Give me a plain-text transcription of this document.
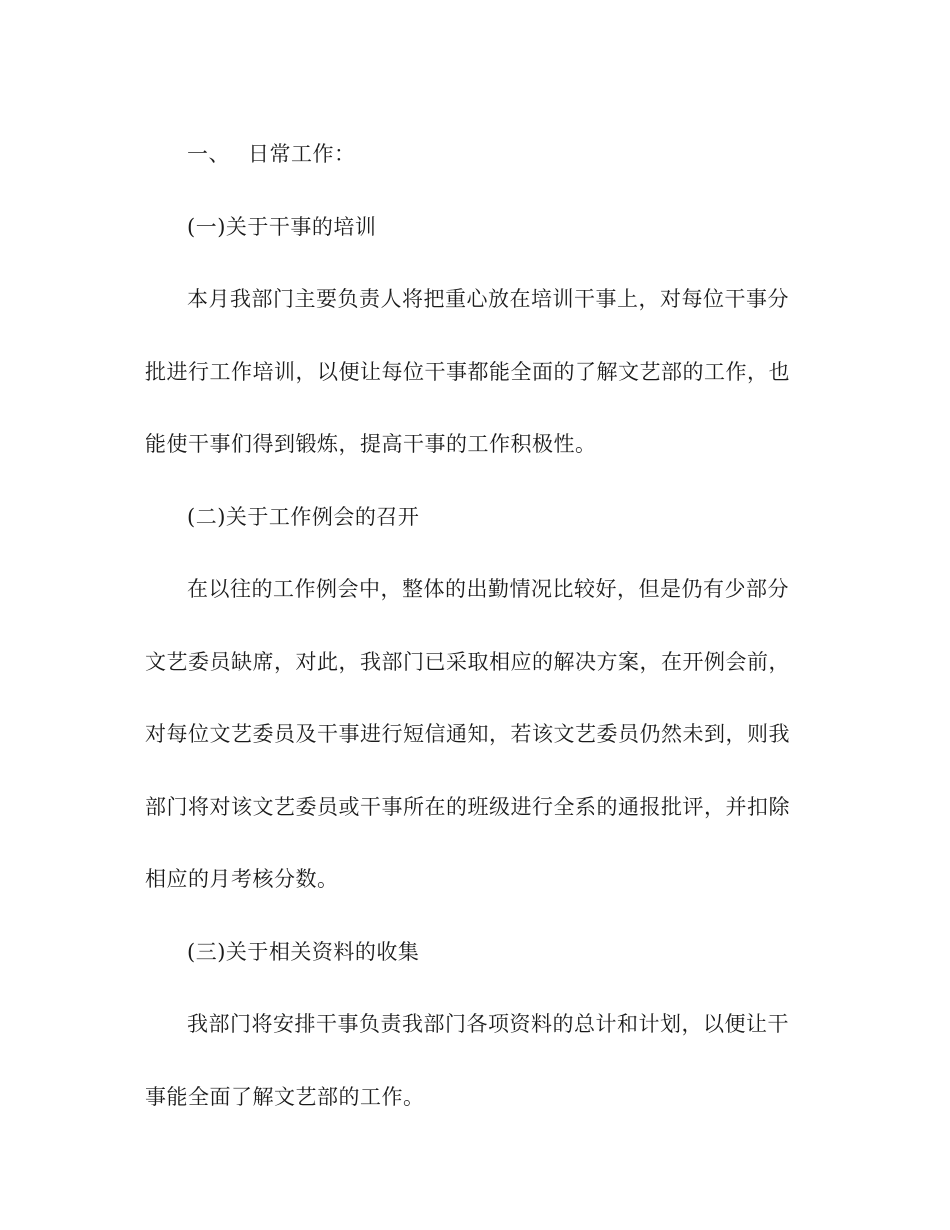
一、 日常工作：
(一)关于干事的培训
本月我部门主要负责人将把重心放在培训干事上，对每位干事分
批进行工作培训，以便让每位干事都能全面的了解文艺部的工作，也
能使干事们得到锻炼，提高干事的工作积极性。
(二)关于工作例会的召开
在以往的工作例会中，整体的出勤情况比较好，但是仍有少部分
文艺委员缺席，对此，我部门已采取相应的解决方案，在开例会前，
对每位文艺委员及干事进行短信通知，若该文艺委员仍然未到，则我
部门将对该文艺委员或干事所在的班级进行全系的通报批评，并扣除
相应的月考核分数。
(三)关于相关资料的收集
我部门将安排干事负责我部门各项资料的总计和计划，以便让干
事能全面了解文艺部的工作。
